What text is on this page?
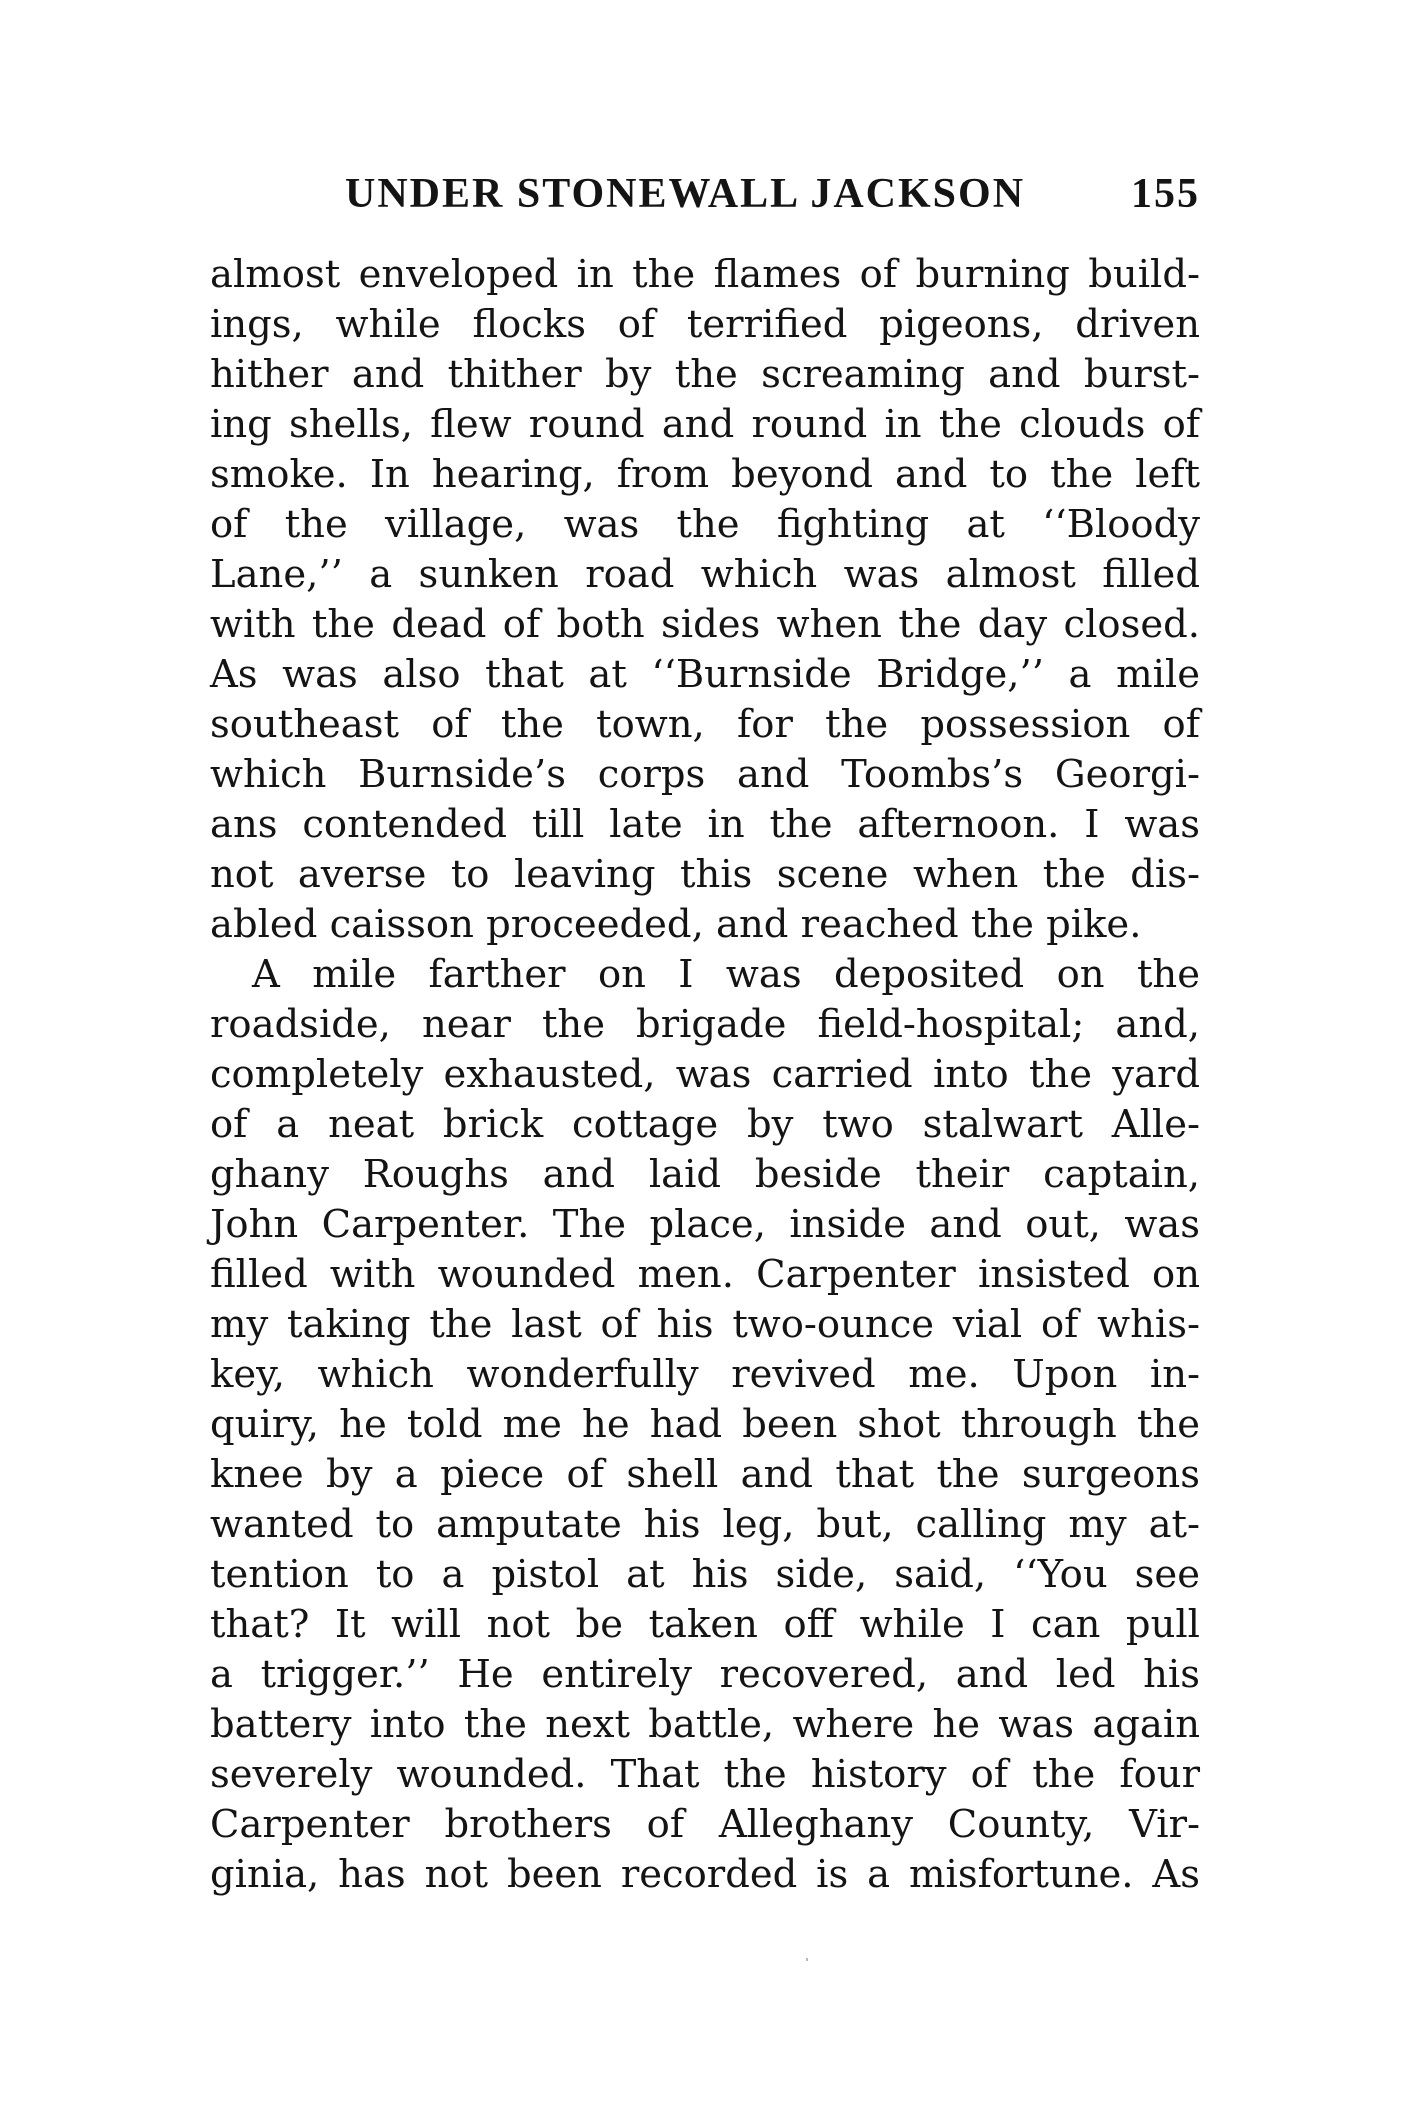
UNDER STONEWALL JACKSON	155
almost enveloped in the flames of burning build-
ings, while flocks of terrified pigeons, driven
hither and thither by the screaming and burst-
ing shells, flew round and round in the clouds of
smoke. In hearing, from beyond and to the left
of the village, was the fighting at ‘‘Bloody
Lane,’’ a sunken road which was almost filled
with the dead of both sides when the day closed.
As was also that at ‘‘Burnside Bridge,’’ a mile
southeast of the town, for the possession of
which Burnside’s corps and Toombs’s Georgi-
ans contended till late in the afternoon. I was
not averse to leaving this scene when the dis-
abled caisson proceeded, and reached the pike.
A mile farther on I was deposited on the
roadside, near the brigade field-hospital; and,
completely exhausted, was carried into the yard
of a neat brick cottage by two stalwart Alle-
ghany Roughs and laid beside their captain,
John Carpenter. The place, inside and out, was
filled with wounded men. Carpenter insisted on
my taking the last of his two-ounce vial of whis-
key, which wonderfully revived me. Upon in-
quiry, he told me he had been shot through the
knee by a piece of shell and that the surgeons
wanted to amputate his leg, but, calling my at-
tention to a pistol at his side, said, ‘‘You see
that? It will not be taken off while I can pull
a trigger.’’ He entirely recovered, and led his
battery into the next battle, where he was again
severely wounded. That the history of the four
Carpenter brothers of Alleghany County, Vir-
ginia, has not been recorded is a misfortune. As
